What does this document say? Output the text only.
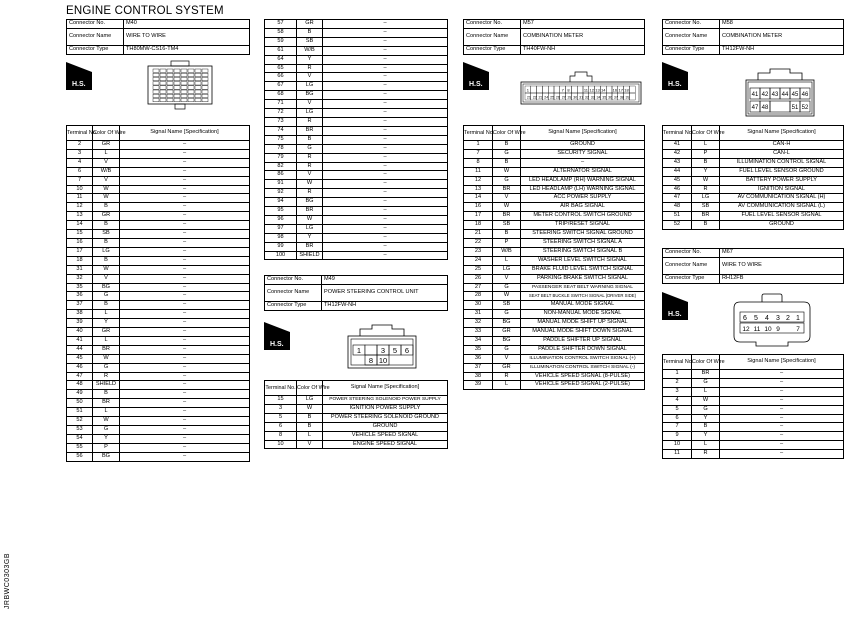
ENGINE CONTROL SYSTEM
JRBWC0303GB
Connector No.	M40
Connector Name	WIRE TO WIRE
Connector Type	TH80MW-CS16-TM4
H.S.
Terminal No.	Color Of Wire	Signal Name [Specification]
2	GR	–
3	L	–
4	V	–
6	W/B	–
7	V	–
10	W	–
11	W	–
12	B	–
13	GR	–
14	B	–
15	SB	–
16	B	–
17	LG	–
18	B	–
31	W	–
32	V	–
35	BG	–
36	G	–
37	B	–
38	L	–
39	Y	–
40	GR	–
41	L	–
44	BR	–
45	W	–
46	G	–
47	R	–
48	SHIELD	–
49	B	–
50	BR	–
51	L	–
52	W	–
53	G	–
54	Y	–
55	P	–
56	BG	–
57	GR	–
58	B	–
59	SB	–
61	W/B	–
64	Y	–
65	R	–
66	V	–
67	LG	–
68	BG	–
71	V	–
72	LG	–
73	R	–
74	BR	–
75	B	–
78	G	–
79	R	–
82	R	–
86	V	–
91	W	–
92	R	–
94	BG	–
95	BR	–
96	W	–
97	LG	–
98	Y	–
99	BR	–
100	SHIELD	–
Connector No.	M49
Connector Name	POWER STEERING CONTROL UNIT
Connector Type	TH12FW-NH
H.S.
1	3 5 6
8 10
Terminal No.	Color Of Wire	Signal Name [Specification]
15	LG	POWER STEERING SOLENOID POWER SUPPLY
3	W	IGNITION POWER SUPPLY
5	B	POWER STEERING SOLENOID GROUND
6	B	GROUND
8	L	VEHICLE SPEED SIGNAL
10	V	ENGINE SPEED SIGNAL
Connector No.	M57
Connector Name	COMBINATION METER
Connector Type	TH40FW-NH
H.S.
1	7 8	11 12 13 14 16 17 18
21 22 23 24 25 26 27 28 30 31 32 33 34 35 36 37 38 39
Terminal No.	Color Of Wire	Signal Name [Specification]
1	B	GROUND
7	G	SECURITY SIGNAL
8	B	–
11	W	ALTERNATOR SIGNAL
12	G	LED HEADLAMP (RH) WARNING SIGNAL
13	BR	LED HEADLAMP (LH) WARNING SIGNAL
14	V	ACC POWER SUPPLY
16	W	AIR BAG SIGNAL
17	BR	METER CONTROL SWITCH GROUND
18	SB	TRIP/RESET SIGNAL
21	B	STEERING SWITCH SIGNAL GROUND
22	P	STEERING SWITCH SIGNAL A
23	W/B	STEERING SWITCH SIGNAL B
24	L	WASHER LEVEL SWITCH SIGNAL
25	LG	BRAKE FLUID LEVEL SWITCH SIGNAL
26	V	PARKING BRAKE SWITCH SIGNAL
27	G	PASSENGER SEAT BELT WARNING SIGNAL
28	W	SEAT BELT BUCKLE SWITCH SIGNAL (DRIVER SIDE)
30	SB	MANUAL MODE SIGNAL
31	G	NON-MANUAL MODE SIGNAL
32	BG	MANUAL MODE SHIFT UP SIGNAL
33	GR	MANUAL MODE SHIFT DOWN SIGNAL
34	BG	PADDLE SHIFTER UP SIGNAL
35	G	PADDLE SHIFTER DOWN SIGNAL
36	V	ILLUMINATION CONTROL SWITCH SIGNAL (+)
37	GR	ILLUMINATION CONTROL SWITCH SIGNAL (-)
38	R	VEHICLE SPEED SIGNAL (8-PULSE)
39	L	VEHICLE SPEED SIGNAL (2-PULSE)
Connector No.	M58
Connector Name	COMBINATION METER
Connector Type	TH12FW-NH
H.S.
41 42 43 44 45 46
47 48	51 52
Terminal No.	Color Of Wire	Signal Name [Specification]
41	L	CAN-H
42	P	CAN-L
43	B	ILLUMINATION CONTROL SIGNAL
44	Y	FUEL LEVEL SENSOR GROUND
45	W	BATTERY POWER SUPPLY
46	R	IGNITION SIGNAL
47	LG	AV COMMUNICATION SIGNAL (H)
48	SB	AV COMMUNICATION SIGNAL (L)
51	BR	FUEL LEVEL SENSOR SIGNAL
52	B	GROUND
Connector No.	M67
Connector Name	WIRE TO WIRE
Connector Type	RH12FB
H.S.
6 5 4 3 2 1
12 11 10 9	7
Terminal No.	Color Of Wire	Signal Name [Specification]
1	BR	–
2	G	–
3	L	–
4	W	–
5	G	–
6	Y	–
7	B	–
9	Y	–
10	L	–
11	R	–
